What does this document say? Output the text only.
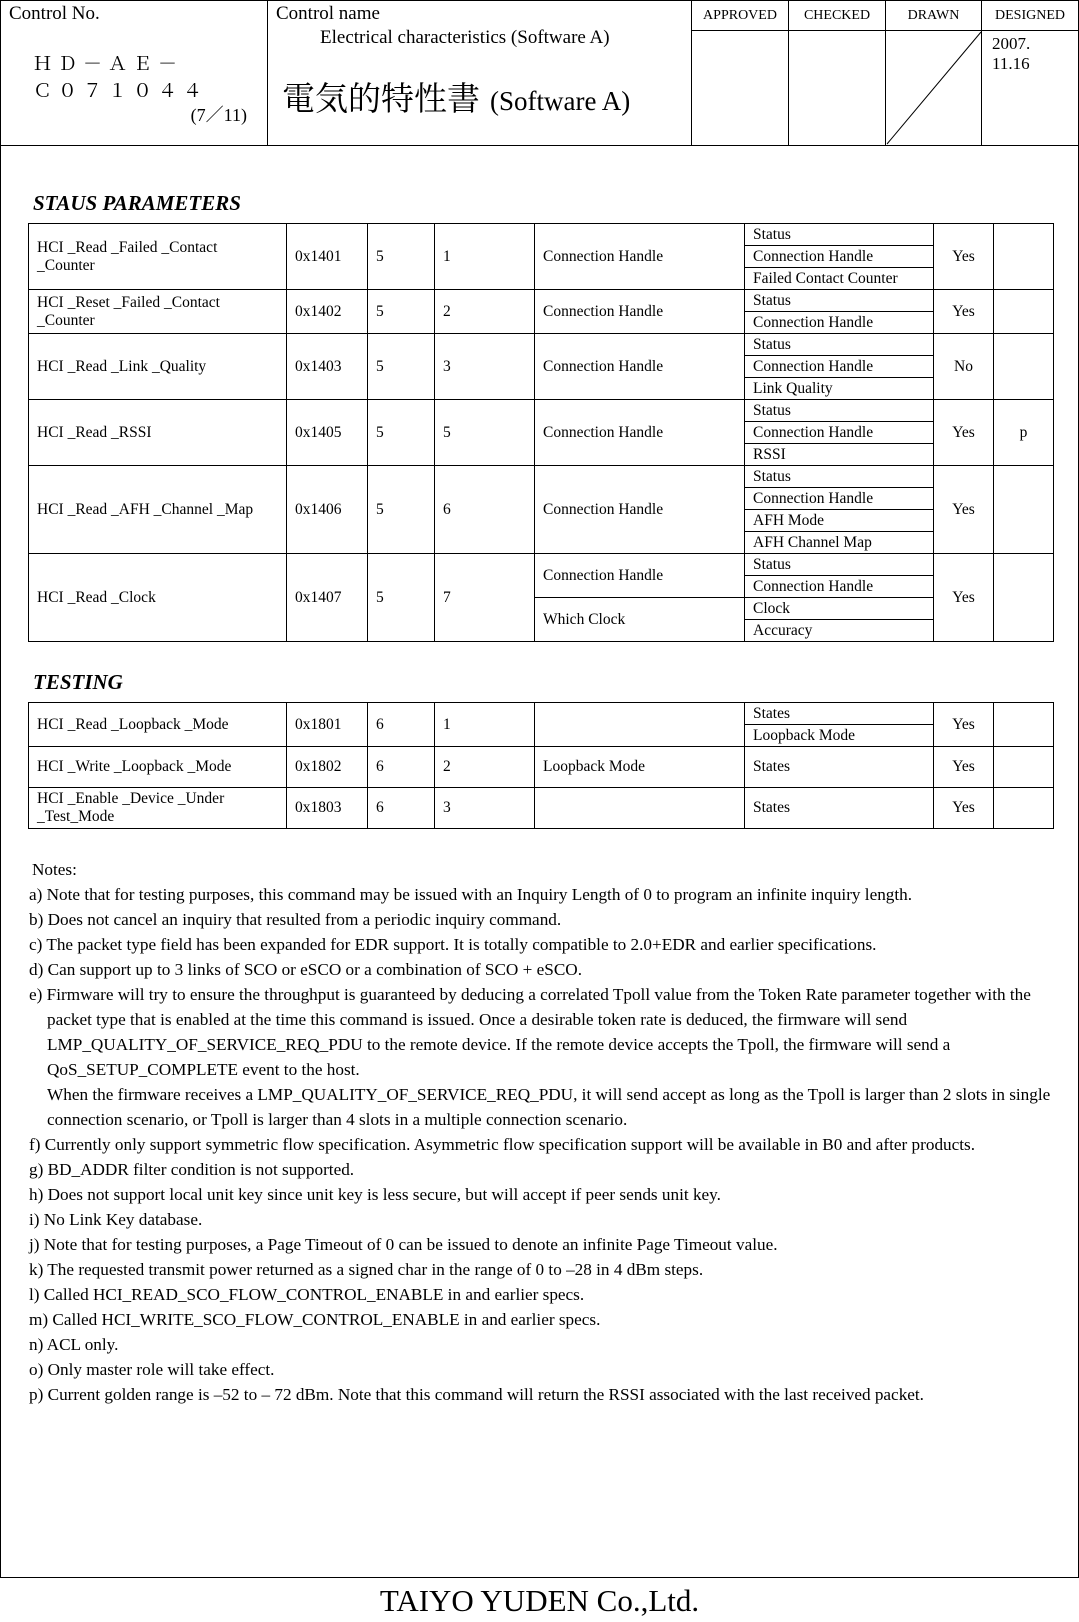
Control No.
ＨＤ－ＡＥ－
Ｃ０７１０４４
(7／11)
Control name
Electrical characteristics (Software A)
電気的特性書 (Software A)
APPROVED	CHECKED	DRAWN	DESIGNED
2007.
11.16
STAUS PARAMETERS
HCI _Read _Failed _Contact _Counter	0x1401	5	1	Connection Handle	Status	Yes	
					Connection Handle		
					Failed Contact Counter		
HCI _Reset _Failed _Contact _Counter	0x1402	5	2	Connection Handle	Status	Yes	
					Connection Handle		
HCI _Read _Link _Quality	0x1403	5	3	Connection Handle	Status	No	
					Connection Handle		
					Link Quality		
HCI _Read _RSSI	0x1405	5	5	Connection Handle	Status	Yes	p
					Connection Handle		
					RSSI		
HCI _Read _AFH _Channel _Map	0x1406	5	6	Connection Handle	Status	Yes	
					Connection Handle		
					AFH Mode		
					AFH Channel Map		
HCI _Read _Clock	0x1407	5	7	Connection Handle	Status	Yes	
					Connection Handle		
				Which Clock	Clock		
					Accuracy		
TESTING
HCI _Read _Loopback _Mode	0x1801	6	1		States	Yes	
					Loopback Mode		
HCI _Write _Loopback _Mode	0x1802	6	2	Loopback Mode	States	Yes	
HCI _Enable _Device _Under _Test_Mode	0x1803	6	3		States	Yes	
Notes:
a) Note that for testing purposes, this command may be issued with an Inquiry Length of 0 to program an infinite inquiry length.
b) Does not cancel an inquiry that resulted from a periodic inquiry command.
c) The packet type field has been expanded for EDR support. It is totally compatible to 2.0+EDR and earlier specifications.
d) Can support up to 3 links of SCO or eSCO or a combination of SCO + eSCO.
e) Firmware will try to ensure the throughput is guaranteed by deducing a correlated Tpoll value from the Token Rate parameter together with the packet type that is enabled at the time this command is issued. Once a desirable token rate is deduced, the firmware will send LMP_QUALITY_OF_SERVICE_REQ_PDU to the remote device. If the remote device accepts the Tpoll, the firmware will send a QoS_SETUP_COMPLETE event to the host.
When the firmware receives a LMP_QUALITY_OF_SERVICE_REQ_PDU, it will send accept as long as the Tpoll is larger than 2 slots in single connection scenario, or Tpoll is larger than 4 slots in a multiple connection scenario.
f) Currently only support symmetric flow specification. Asymmetric flow specification support will be available in B0 and after products.
g) BD_ADDR filter condition is not supported.
h) Does not support local unit key since unit key is less secure, but will accept if peer sends unit key.
i) No Link Key database.
j) Note that for testing purposes, a Page Timeout of 0 can be issued to denote an infinite Page Timeout value.
k) The requested transmit power returned as a signed char in the range of 0 to –28 in 4 dBm steps.
l) Called HCI_READ_SCO_FLOW_CONTROL_ENABLE in and earlier specs.
m) Called HCI_WRITE_SCO_FLOW_CONTROL_ENABLE in and earlier specs.
n) ACL only.
o) Only master role will take effect.
p) Current golden range is –52 to – 72 dBm. Note that this command will return the RSSI associated with the last received packet.
TAIYO YUDEN Co.,Ltd.
